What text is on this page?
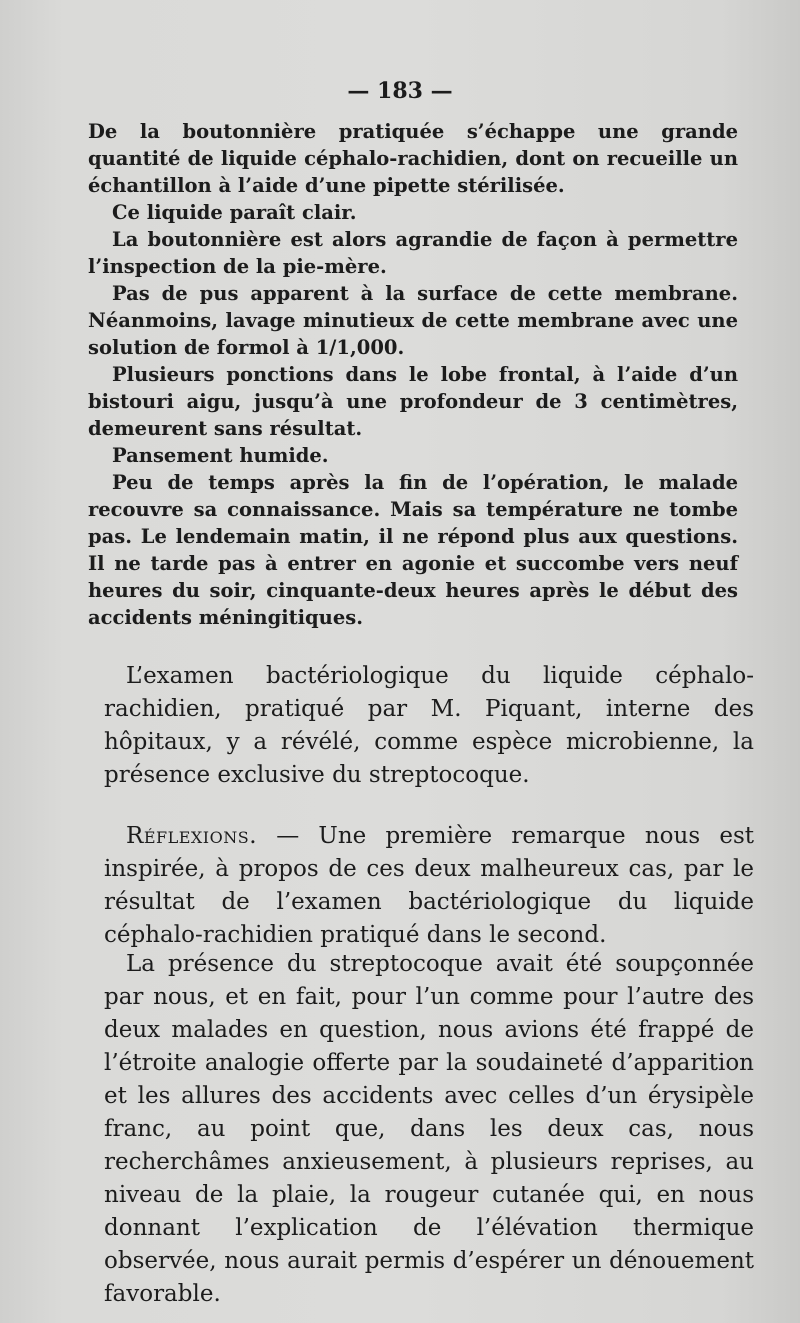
— 183 —

De la boutonnière pratiquée s’échappe une grande quantité de liquide céphalo-rachidien, dont on recueille un échantillon à l’aide d’une pipette stérilisée.

Ce liquide paraît clair.

La boutonnière est alors agrandie de façon à permettre l’inspection de la pie-mère.

Pas de pus apparent à la surface de cette membrane. Néanmoins, lavage minutieux de cette membrane avec une solution de formol à 1/1,000.

Plusieurs ponctions dans le lobe frontal, à l’aide d’un bistouri aigu, jusqu’à une profondeur de 3 centimètres, demeurent sans résultat.

Pansement humide.

Peu de temps après la fin de l’opération, le malade recouvre sa connaissance. Mais sa température ne tombe pas. Le lendemain matin, il ne répond plus aux questions. Il ne tarde pas à entrer en agonie et succombe vers neuf heures du soir, cinquante-deux heures après le début des accidents méningitiques.

L’examen bactériologique du liquide céphalo-rachidien, pratiqué par M. Piquant, interne des hôpitaux, y a révélé, comme espèce microbienne, la présence exclusive du streptocoque.

Réflexions. — Une première remarque nous est inspirée, à propos de ces deux malheureux cas, par le résultat de l’examen bactériologique du liquide céphalo-rachidien pratiqué dans le second.

La présence du streptocoque avait été soupçonnée par nous, et en fait, pour l’un comme pour l’autre des deux malades en question, nous avions été frappé de l’étroite analogie offerte par la soudaineté d’apparition et les allures des accidents avec celles d’un érysipèle franc, au point que, dans les deux cas, nous recherchâmes anxieusement, à plusieurs reprises, au niveau de la plaie, la rougeur cutanée qui, en nous donnant l’explication de l’élévation thermique observée, nous aurait permis d’espérer un dénouement favorable.
